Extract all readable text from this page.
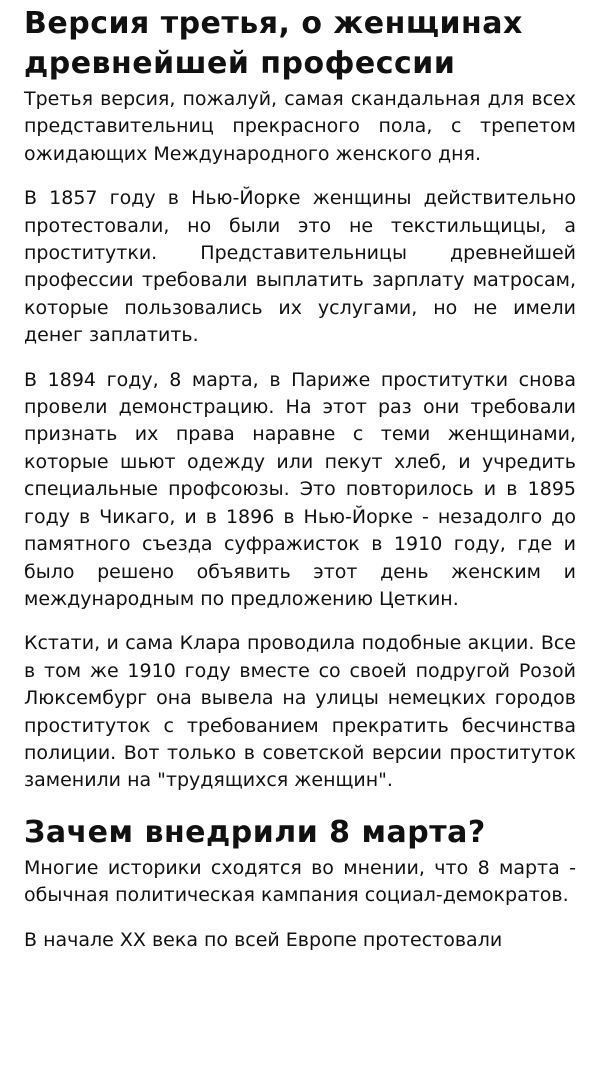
Версия третья, о женщинах древнейшей профессии

Третья версия, пожалуй, самая скандальная для всех представительниц прекрасного пола, с трепетом ожидающих Международного женского дня.

В 1857 году в Нью-Йорке женщины действительно протестовали, но были это не текстильщицы, а проститутки. Представительницы древнейшей профессии требовали выплатить зарплату матросам, которые пользовались их услугами, но не имели денег заплатить.

В 1894 году, 8 марта, в Париже проститутки снова провели демонстрацию. На этот раз они требовали признать их права наравне с теми женщинами, которые шьют одежду или пекут хлеб, и учредить специальные профсоюзы. Это повторилось и в 1895 году в Чикаго, и в 1896 в Нью-Йорке - незадолго до памятного съезда суфражисток в 1910 году, где и было решено объявить этот день женским и международным по предложению Цеткин.

Кстати, и сама Клара проводила подобные акции. Все в том же 1910 году вместе со своей подругой Розой Люксембург она вывела на улицы немецких городов проституток с требованием прекратить бесчинства полиции. Вот только в советской версии проституток заменили на "трудящихся женщин".

Зачем внедрили 8 марта?

Многие историки сходятся во мнении, что 8 марта - обычная политическая кампания социал-демократов.

В начале XX века по всей Европе протестовали
